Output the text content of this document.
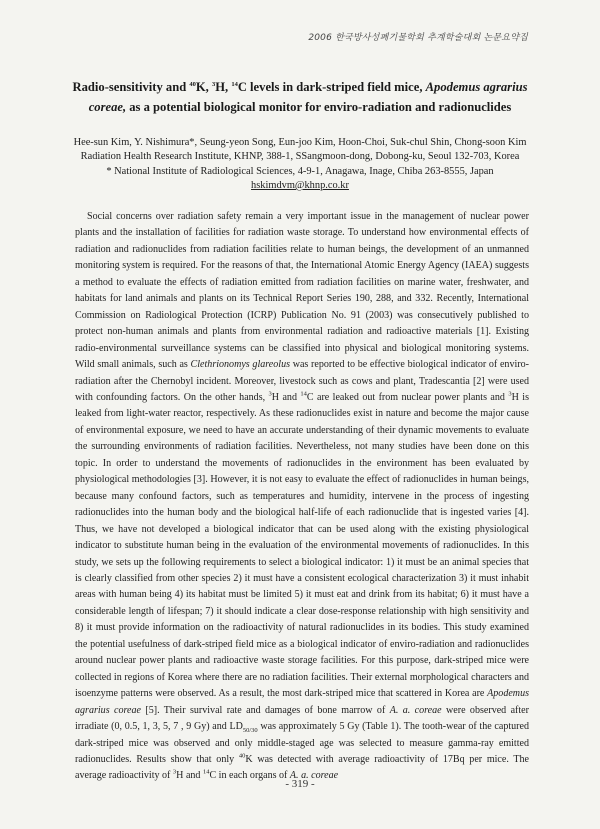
2006 한국방사성폐기물학회 추계학술대회 논문요약집
Radio-sensitivity and $^{40}$K, $^3$H, $^{14}$C levels in dark-striped field mice, Apodemus agrarius coreae, as a potential biological monitor for enviro-radiation and radionuclides
Hee-sun Kim, Y. Nishimura*, Seung-yeon Song, Eun-joo Kim, Hoon-Choi, Suk-chul Shin, Chong-soon Kim
Radiation Health Research Institute, KHNP, 388-1, SSangmoon-dong, Dobong-ku, Seoul 132-703, Korea
* National Institute of Radiological Sciences, 4-9-1, Anagawa, Inage, Chiba 263-8555, Japan
hskimdvm@khnp.co.kr

Social concerns over radiation safety remain a very important issue in the management of nuclear power plants and the installation of facilities for radiation waste storage. To understand how environmental effects of radiation and radionuclides from radiation facilities relate to human beings, the development of an unmanned monitoring system is required. For the reasons of that, the International Atomic Energy Agency (IAEA) suggests a method to evaluate the effects of radiation emitted from radiation facilities on marine water, freshwater, and habitats for land animals and plants on its Technical Report Series 190, 288, and 332. Recently, International Commission on Radiological Protection (ICRP) Publication No. 91 (2003) was consecutively published to protect non-human animals and plants from environmental radiation and radioactive materials [1]. Existing radio-environmental surveillance systems can be classified into physical and biological monitoring systems. Wild small animals, such as Clethrionomys glareolus was reported to be effective biological indicator of enviro-radiation after the Chernobyl incident. Moreover, livestock such as cows and plant, Tradescantia [2] were used with confounding factors. On the other hands, $^3$H and $^{14}$C are leaked out from nuclear power plants and $^3$H is leaked from light-water reactor, respectively. As these radionuclides exist in nature and become the major cause of environmental exposure, we need to have an accurate understanding of their dynamic movements to evaluate the surrounding environments of radiation facilities. Nevertheless, not many studies have been done on this topic. In order to understand the movements of radionuclides in the environment has been evaluated by physiological methodologies [3]. However, it is not easy to evaluate the effect of radionuclides in human beings, because many confound factors, such as temperatures and humidity, intervene in the process of ingesting radionuclides into the human body and the biological half-life of each radionuclide that is ingested varies [4]. Thus, we have not developed a biological indicator that can be used along with the existing physiological indicator to substitute human being in the evaluation of the environmental movements of radionuclides. In this study, we sets up the following requirements to select a biological indicator: 1) it must be an animal species that is clearly classified from other species 2) it must have a consistent ecological characterization 3) it must inhabit areas with human being 4) its habitat must be limited 5) it must eat and drink from its habitat; 6) it must have a considerable length of lifespan; 7) it should indicate a clear dose-response relationship with high sensitivity and 8) it must provide information on the radioactivity of natural radionuclides in its bodies. This study examined the potential usefulness of dark-striped field mice as a biological indicator of enviro-radiation and radionuclides around nuclear power plants and radioactive waste storage facilities. For this purpose, dark-striped mice were collected in regions of Korea where there are no radiation facilities. Their external morphological characters and isoenzyme patterns were observed. As a result, the most dark-striped mice that scattered in Korea are Apodemus agrarius coreae [5]. Their survival rate and damages of bone marrow of A. a. coreae were observed after irradiate (0, 0.5, 1, 3, 5, 7 , 9 Gy) and $LD_{50/30}$ was approximately 5 Gy (Table 1). The tooth-wear of the captured dark-striped mice was observed and only middle-staged age was selected to measure gamma-ray emitted radionuclides. Results show that only $^{40}$K was detected with average radioactivity of 17Bq per mice. The average radioactivity of $^3$H and $^{14}$C in each organs of A. a. coreae

- 319 -
